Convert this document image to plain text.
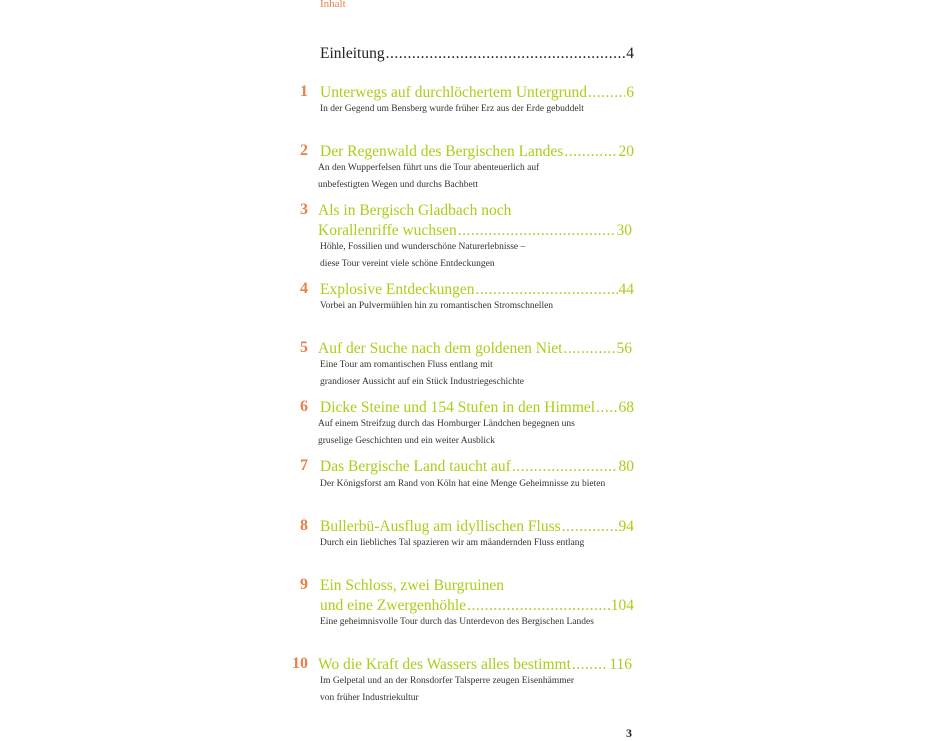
Inhalt
Einleitung .....	4
1 Unterwegs auf durchlöchertem Untergrund .....	6
In der Gegend um Bensberg wurde früher Erz aus der Erde gebuddelt
2 Der Regenwald des Bergischen Landes .....	20
An den Wupperfelsen führt uns die Tour abenteuerlich auf
unbefestigten Wegen und durchs Bachbett
3 Als in Bergisch Gladbach noch
Korallenriffe wuchsen .....	30
Höhle, Fossilien und wunderschöne Naturerlebnisse –
diese Tour vereint viele schöne Entdeckungen
4 Explosive Entdeckungen .....	44
Vorbei an Pulvermühlen hin zu romantischen Stromschnellen
5 Auf der Suche nach dem goldenen Niet .....	56
Eine Tour am romantischen Fluss entlang mit
grandioser Aussicht auf ein Stück Industriegeschichte
6 Dicke Steine und 154 Stufen in den Himmel ..... 68
Auf einem Streifzug durch das Homburger Ländchen begegnen uns
gruselige Geschichten und ein weiter Ausblick
7 Das Bergische Land taucht auf .....	80
Der Königsforst am Rand von Köln hat eine Menge Geheimnisse zu bieten
8 Bullerbü-Ausflug am idyllischen Fluss .....	94
Durch ein liebliches Tal spazieren wir am mäandernden Fluss entlang
9 Ein Schloss, zwei Burgruinen
und eine Zwergenhöhle .....	104
Eine geheimnisvolle Tour durch das Unterdevon des Bergischen Landes
10 Wo die Kraft des Wassers alles bestimmt ..... 116
Im Gelpetal und an der Ronsdorfer Talsperre zeugen Eisenhämmer
von früher Industriekultur
3
